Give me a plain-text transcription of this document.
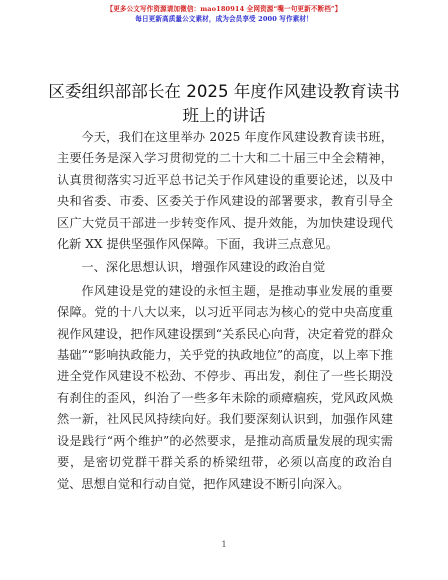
【更多公文写作资源请加微信：mao180914 全网资源“嘴一句更新不断档”】
每日更新高质量公文素材，成为会员享受 2000 写作素材！
区委组织部部长在 2025 年度作风建设教育读书班上的讲话

今天，我们在这里举办 2025 年度作风建设教育读书班，主要任务是深入学习贯彻党的二十大和二十届三中全会精神，认真贯彻落实习近平总书记关于作风建设的重要论述，以及中央和省委、市委、区委关于作风建设的部署要求，教育引导全区广大党员干部进一步转变作风、提升效能，为加快建设现代化新 XX 提供坚强作风保障。下面，我讲三点意见。

一、深化思想认识，增强作风建设的政治自觉

作风建设是党的建设的永恒主题，是推动事业发展的重要保障。党的十八大以来，以习近平同志为核心的党中央高度重视作风建设，把作风建设摆到“关系民心向背，决定着党的群众基础”“影响执政能力，关乎党的执政地位”的高度，以上率下推进全党作风建设不松劲、不停步、再出发，刹住了一些长期没有刹住的歪风，纠治了一些多年未除的顽瘴痼疾，党风政风焕然一新，社风民风持续向好。我们要深刻认识到，加强作风建设是践行“两个维护”的必然要求，是推动高质量发展的现实需要，是密切党群干群关系的桥梁纽带，必须以高度的政治自觉、思想自觉和行动自觉，把作风建设不断引向深入。

1
